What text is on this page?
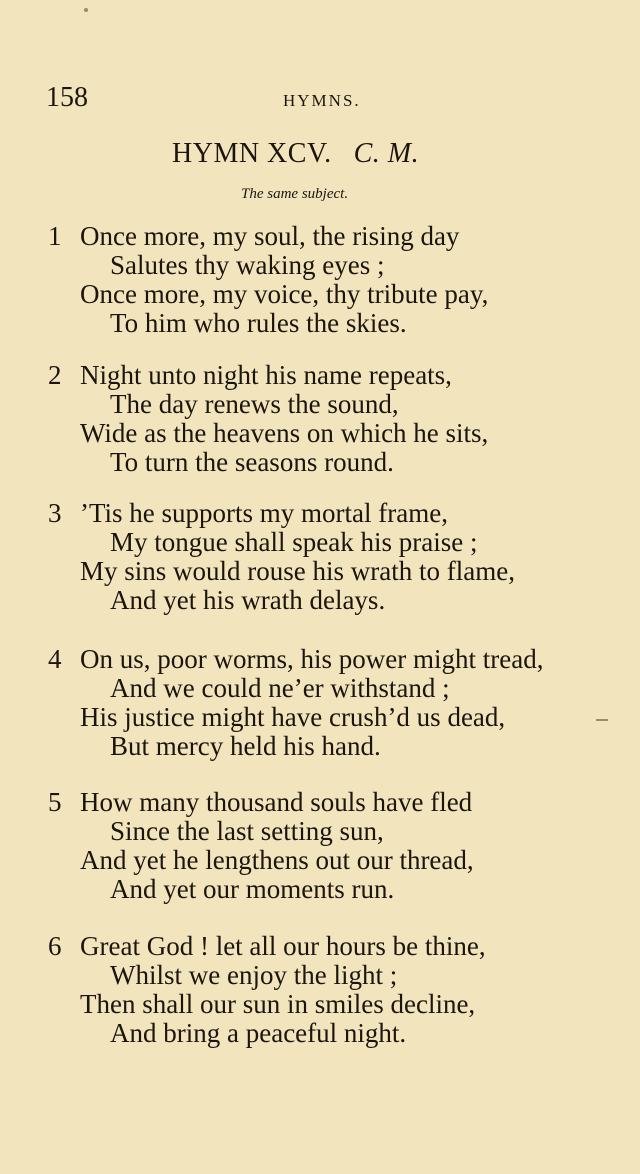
158	HYMNS.
HYMN XCV. C. M.
The same subject.
1 Once more, my soul, the rising day
Salutes thy waking eyes ;
Once more, my voice, thy tribute pay,
To him who rules the skies.
2 Night unto night his name repeats,
The day renews the sound,
Wide as the heavens on which he sits,
To turn the seasons round.
3 ’Tis he supports my mortal frame,
My tongue shall speak his praise ;
My sins would rouse his wrath to flame,
And yet his wrath delays.
4 On us, poor worms, his power might tread,
And we could ne’er withstand ;
His justice might have crush’d us dead,
But mercy held his hand.
5 How many thousand souls have fled
Since the last setting sun,
And yet he lengthens out our thread,
And yet our moments run.
6 Great God ! let all our hours be thine,
Whilst we enjoy the light ;
Then shall our sun in smiles decline,
And bring a peaceful night.
